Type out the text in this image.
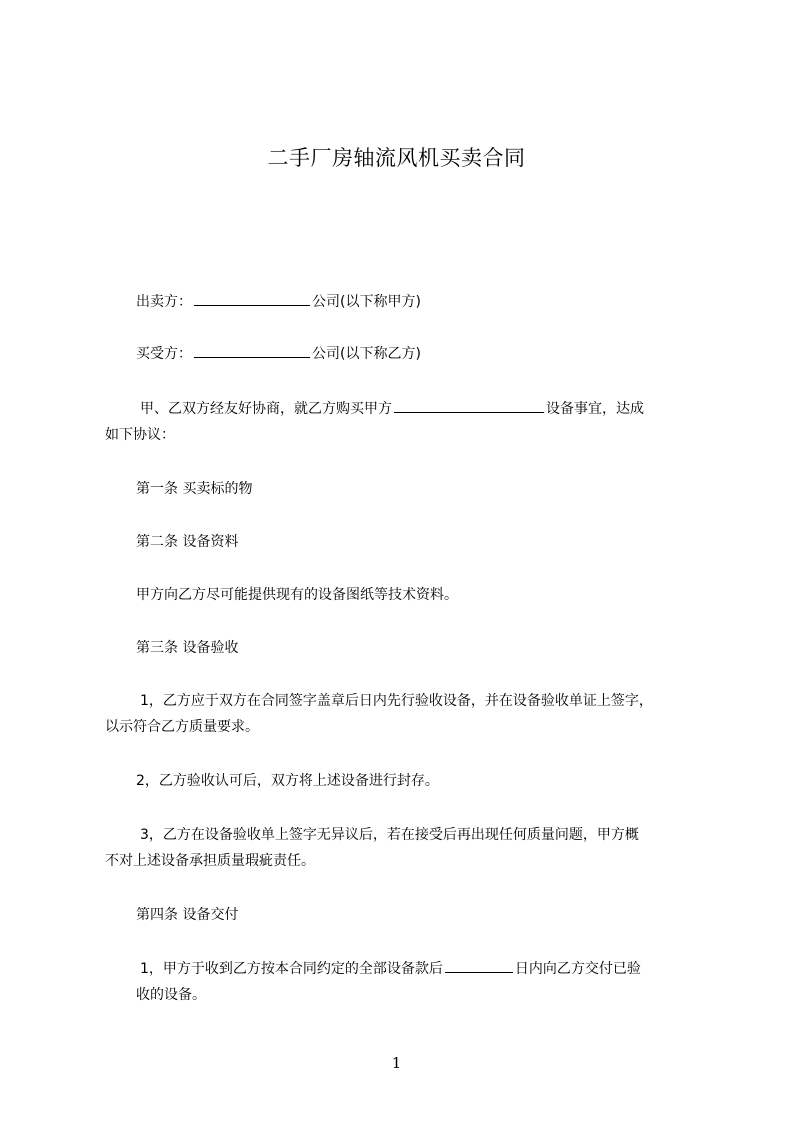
二手厂房轴流风机买卖合同
出卖方：	公司(以下称甲方)
买受方：	公司(以下称乙方)
甲、乙双方经友好协商，就乙方购买甲方	设备事宜，达成
如下协议：
第一条 买卖标的物
第二条 设备资料
甲方向乙方尽可能提供现有的设备图纸等技术资料。
第三条 设备验收
1，乙方应于双方在合同签字盖章后日内先行验收设备，并在设备验收单证上签字，
以示符合乙方质量要求。
2，乙方验收认可后，双方将上述设备进行封存。
3，乙方在设备验收单上签字无异议后，若在接受后再出现任何质量问题，甲方概
不对上述设备承担质量瑕疵责任。
第四条 设备交付
1，甲方于收到乙方按本合同约定的全部设备款后	日内向乙方交付已验
收的设备。
1
